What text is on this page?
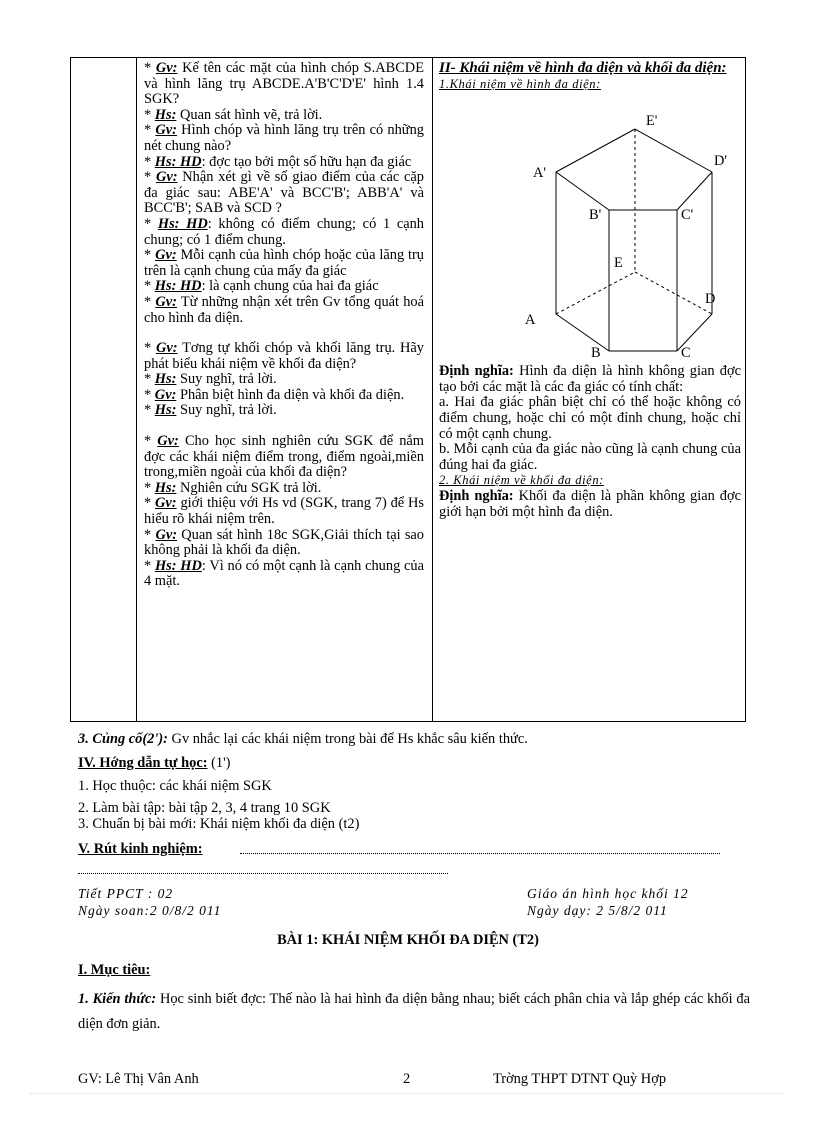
* Gv: Kể tên các mặt của hình chóp S.ABCDE và hình lăng trụ ABCDE.A'B'C'D'E' hình 1.4 SGK?

* Hs: Quan sát hình vẽ, trả lời.

* Gv: Hình chóp và hình lăng trụ trên có những nét chung nào?

* Hs: HD: đợc tạo bởi một số hữu hạn đa giác

* Gv: Nhận xét gì về số giao điểm của các cặp đa giác sau: ABE'A' và BCC'B'; ABB'A' và BCC'B'; SAB và SCD ?

* Hs: HD: không có điểm chung; có 1 cạnh chung; có 1 điểm chung.

* Gv: Mỗi cạnh của hình chóp hoặc của lăng trụ trên là cạnh chung của mấy đa giác

* Hs: HD: là cạnh chung của hai đa giác

* Gv: Từ những nhận xét trên Gv tổng quát hoá cho hình đa diện.

* Gv: Tơng tự khối chóp và khối lăng trụ. Hãy phát biểu khái niệm về khối đa diện?

* Hs: Suy nghĩ, trả lời.

* Gv: Phân biệt hình đa diện và khối đa diện.

* Hs: Suy nghĩ, trả lời.

* Gv: Cho học sinh nghiên cứu SGK để nắm đợc các khái niệm điểm trong, điểm ngoài,miền trong,miền ngoài của khối đa diện?

* Hs: Nghiên cứu SGK trả lời.

* Gv: giới thiệu với Hs vd (SGK, trang 7) để Hs hiểu rõ khái niệm trên.

* Gv: Quan sát hình 18c SGK,Giải thích tại sao không phải là khối đa diện.

* Hs: HD: Vì nó có một cạnh là cạnh chung của 4 mặt.

II- Khái niệm về hình đa diện và khối đa diện:

1.Khái niệm về hình đa diện:

E'
D'
A'
B'	C'
E
D
A
B	C

Định nghĩa: Hình đa diện là hình không gian đợc tạo bởi các mặt là các đa giác có tính chất:

a. Hai đa giác phân biệt chỉ có thể hoặc không có điểm chung, hoặc chỉ có một đỉnh chung, hoặc chỉ có một cạnh chung.

b. Mỗi cạnh của đa giác nào cũng là cạnh chung của đúng hai đa giác.

2. Khái niệm về khối đa diện:

Định nghĩa: Khối đa diện là phần không gian đợc giới hạn bởi một hình đa diện.

3. Củng cố(2'): Gv nhắc lại các khái niệm trong bài để Hs khắc sâu kiến thức.
IV. Hớng dẫn tự học: (1')
1. Học thuộc: các khái niệm SGK
2. Làm bài tập: bài tập 2, 3, 4 trang 10 SGK
3. Chuẩn bị bài mới: Khái niệm khối đa diện (t2)
V. Rút kinh nghiệm:
Tiết PPCT : 02
Ngày soan:2 0/8/2 011
Giáo án hình học khối 12
Ngày dạy: 2 5/8/2 011
BÀI 1: KHÁI NIỆM KHỐI ĐA DIỆN (T2)
I. Mục tiêu:
1. Kiến thức: Học sinh biết đợc: Thế nào là hai hình đa diện bằng nhau; biết cách phân chia và lắp ghép các khối đa diện đơn giản.
GV: Lê Thị Vân Anh	2	Trờng THPT DTNT Quỳ Hợp
